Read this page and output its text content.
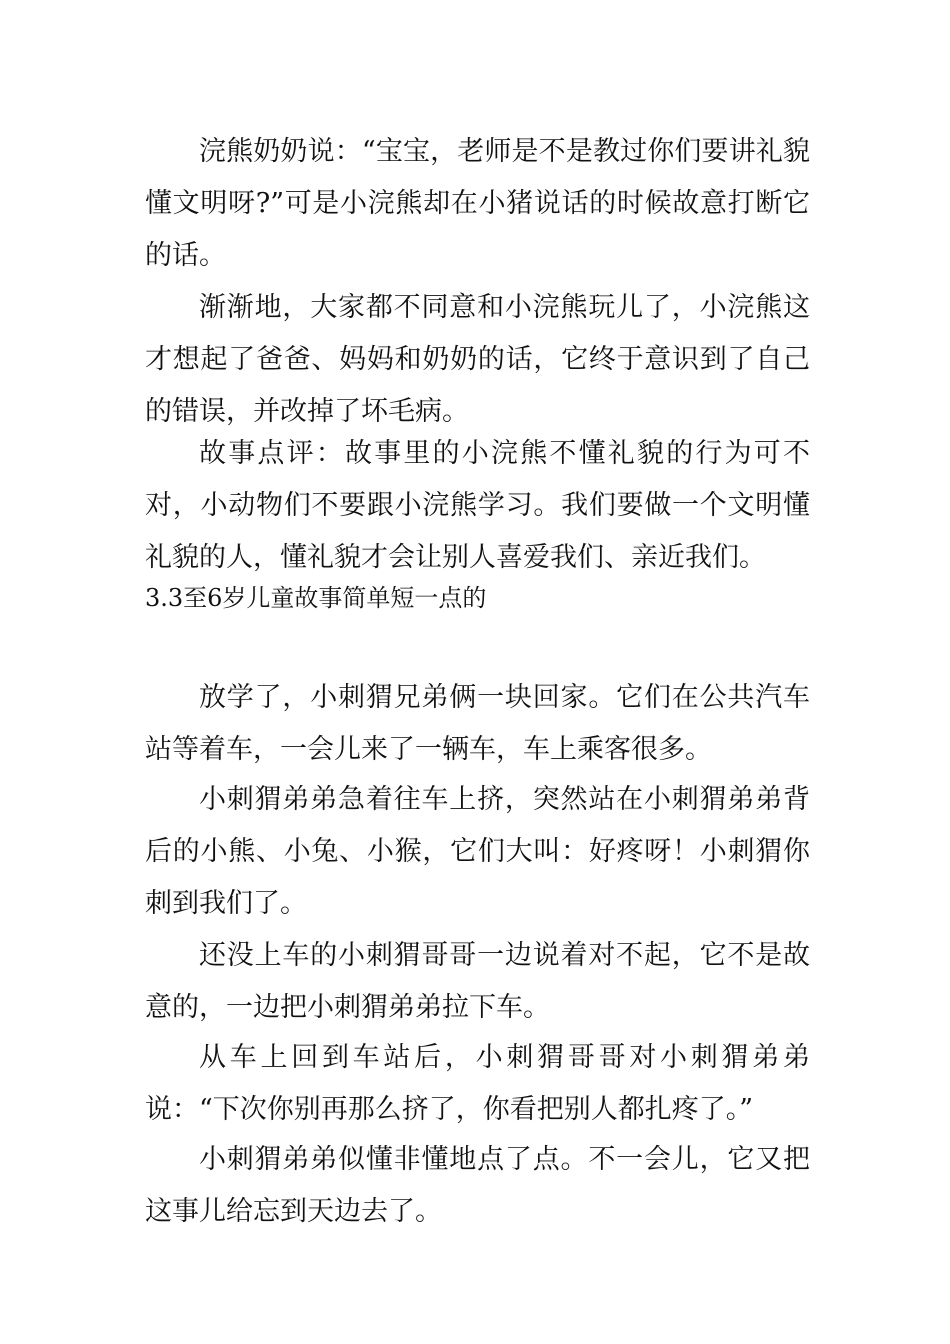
浣熊奶奶说：“宝宝，老师是不是教过你们要讲礼貌懂文明呀?”可是小浣熊却在小猪说话的时候故意打断它的话。

渐渐地，大家都不同意和小浣熊玩儿了，小浣熊这才想起了爸爸、妈妈和奶奶的话，它终于意识到了自己的错误，并改掉了坏毛病。

故事点评：故事里的小浣熊不懂礼貌的行为可不对，小动物们不要跟小浣熊学习。我们要做一个文明懂礼貌的人，懂礼貌才会让别人喜爱我们、亲近我们。

3.3至6岁儿童故事简单短一点的

放学了，小刺猬兄弟俩一块回家。它们在公共汽车站等着车，一会儿来了一辆车，车上乘客很多。

小刺猬弟弟急着往车上挤，突然站在小刺猬弟弟背后的小熊、小兔、小猴，它们大叫：好疼呀！小刺猬你刺到我们了。

还没上车的小刺猬哥哥一边说着对不起，它不是故意的，一边把小刺猬弟弟拉下车。

从车上回到车站后，小刺猬哥哥对小刺猬弟弟说：“下次你别再那么挤了，你看把别人都扎疼了。”

小刺猬弟弟似懂非懂地点了点。不一会儿，它又把这事儿给忘到天边去了。
